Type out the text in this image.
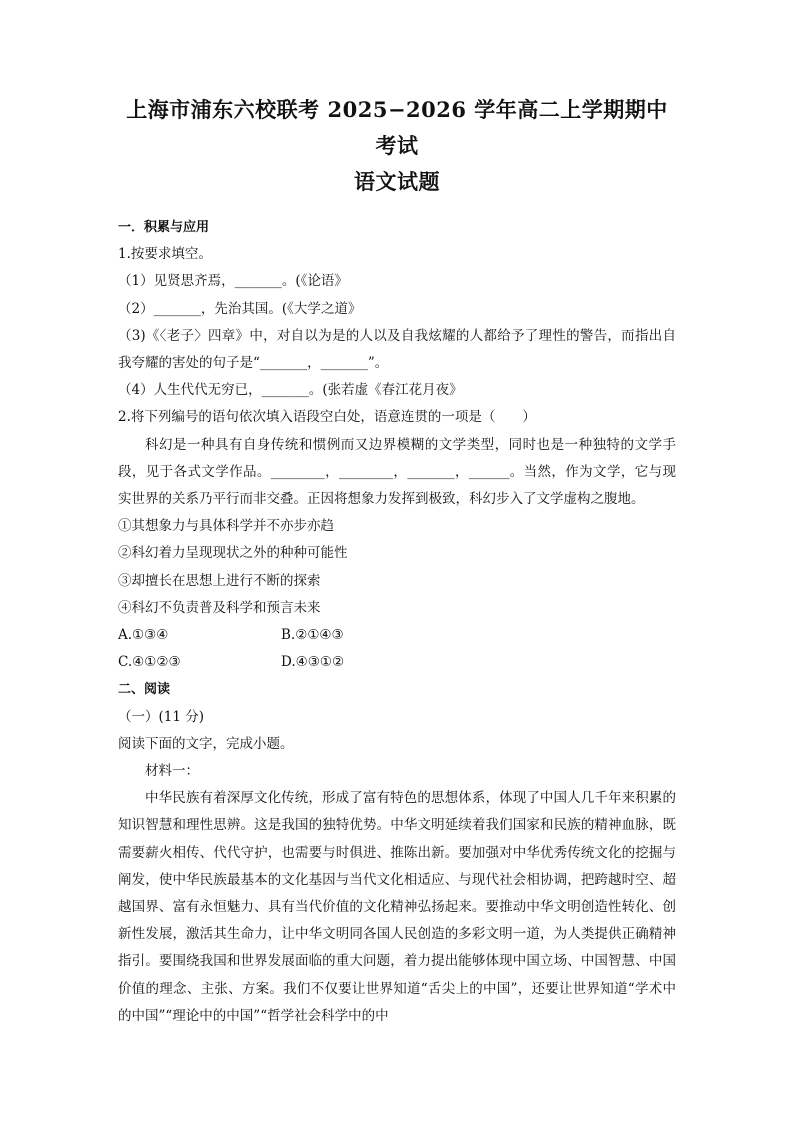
上海市浦东六校联考 2025−2026 学年高二上学期期中考试
语文试题

一．积累与应用

1.按要求填空。

（1）见贤思齐焉，_______。(《论语》

（2）_______，先治其国。(《大学之道》

（3)《〈老子〉四章》中，对自以为是的人以及自我炫耀的人都给予了理性的警告，而指出自我夸耀的害处的句子是“_______，_______”。

（4）人生代代无穷已，_______。(张若虚《春江花月夜》

2.将下列编号的语句依次填入语段空白处，语意连贯的一项是（　　）

科幻是一种具有自身传统和惯例而又边界模糊的文学类型，同时也是一种独特的文学手段，见于各式文学作品。________，________，_______，______。当然，作为文学，它与现实世界的关系乃平行而非交叠。正因将想象力发挥到极致，科幻步入了文学虚构之腹地。

①其想象力与具体科学并不亦步亦趋

②科幻着力呈现现状之外的种种可能性

③却擅长在思想上进行不断的探索

④科幻不负责普及科学和预言未来

A.①③④	B.②①④③
C.④①②③	D.④③①②

二、阅读

（一）(11 分)

阅读下面的文字，完成小题。

材料一：

中华民族有着深厚文化传统，形成了富有特色的思想体系，体现了中国人几千年来积累的知识智慧和理性思辨。这是我国的独特优势。中华文明延续着我们国家和民族的精神血脉，既需要薪火相传、代代守护，也需要与时俱进、推陈出新。要加强对中华优秀传统文化的挖掘与阐发，使中华民族最基本的文化基因与当代文化相适应、与现代社会相协调，把跨越时空、超越国界、富有永恒魅力、具有当代价值的文化精神弘扬起来。要推动中华文明创造性转化、创新性发展，激活其生命力，让中华文明同各国人民创造的多彩文明一道，为人类提供正确精神指引。要围绕我国和世界发展面临的重大问题，着力提出能够体现中国立场、中国智慧、中国价值的理念、主张、方案。我们不仅要让世界知道“舌尖上的中国”，还要让世界知道“学术中的中国”“理论中的中国”“哲学社会科学中的中
